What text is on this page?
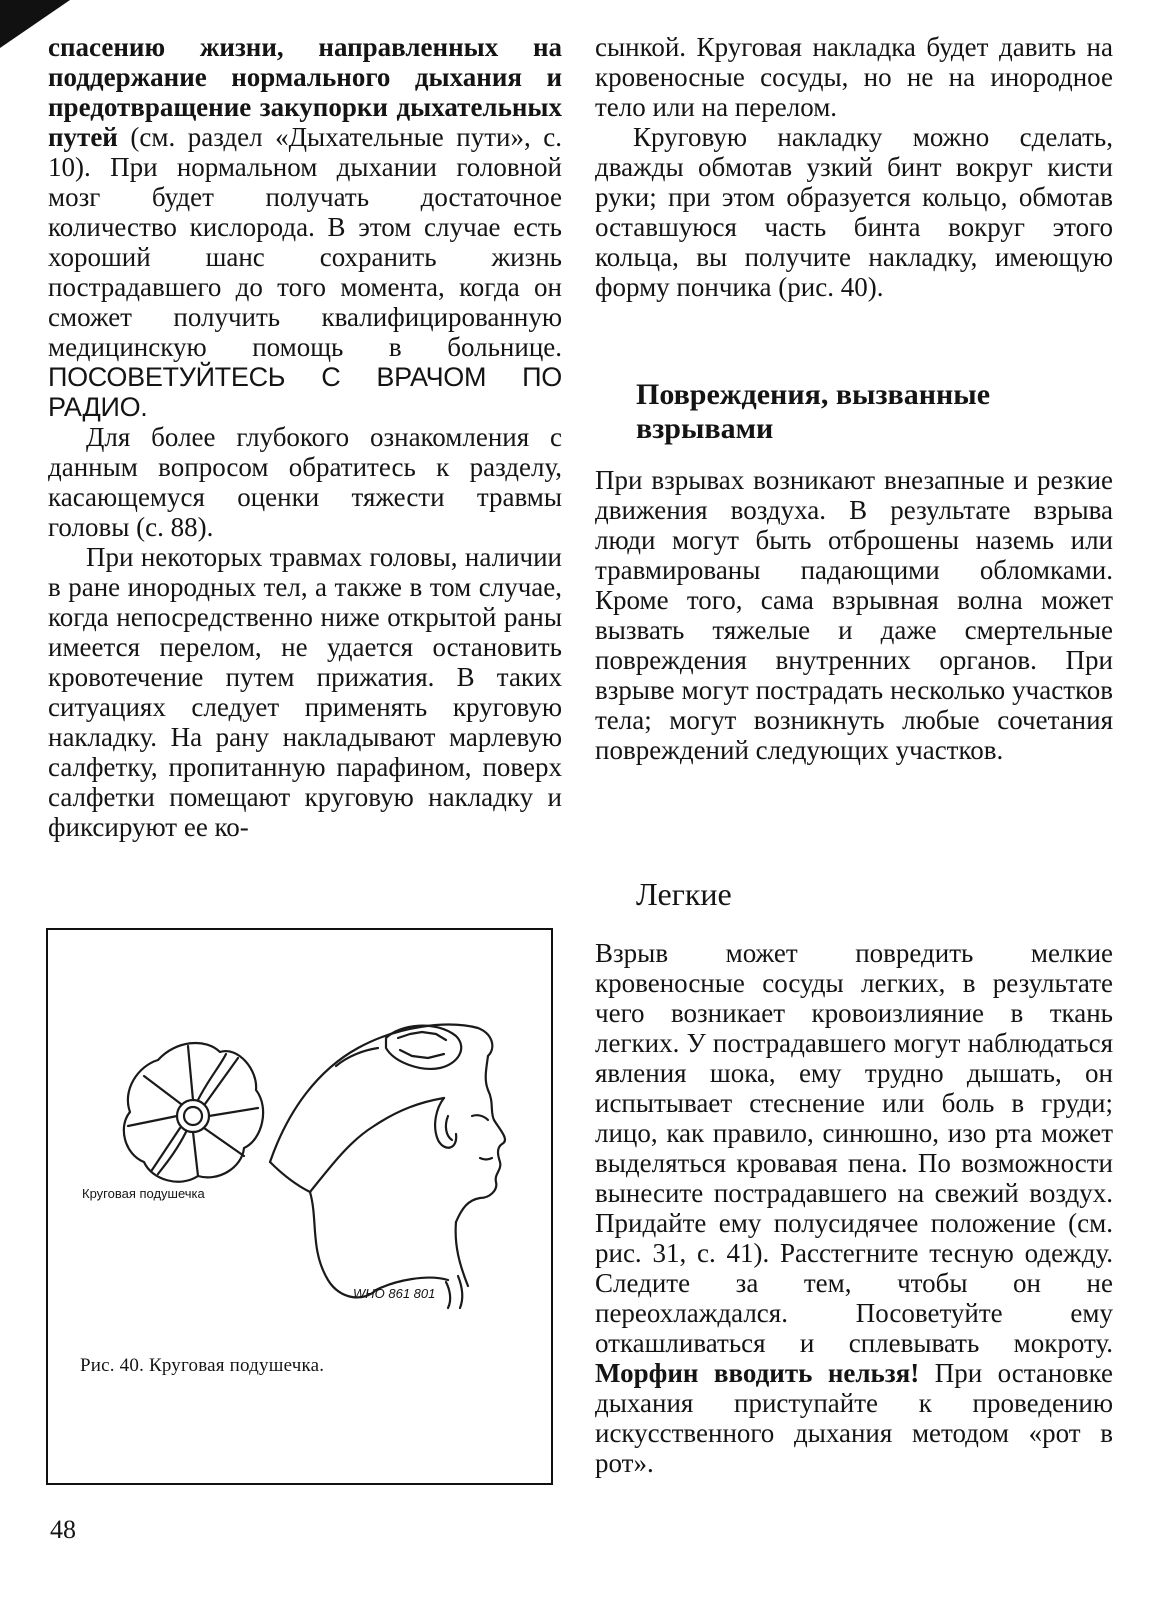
спасению жизни, направленных на поддержание нормального дыхания и предотвращение закупорки дыхательных путей (см. раздел «Дыхательные пути», с. 10). При нормальном дыхании головной мозг будет получать достаточное количество кислорода. В этом случае есть хороший шанс сохранить жизнь пострадавшего до того момента, когда он сможет получить квалифицированную медицинскую помощь в больнице. ПОСОВЕТУЙТЕСЬ С ВРАЧОМ ПО РАДИО.

Для более глубокого ознакомления с данным вопросом обратитесь к разделу, касающемуся оценки тяжести травмы головы (с. 88).

При некоторых травмах головы, наличии в ране инородных тел, а также в том случае, когда непосредственно ниже открытой раны имеется перелом, не удается остановить кровотечение путем прижатия. В таких ситуациях следует применять круговую накладку. На рану накладывают марлевую салфетку, пропитанную парафином, поверх салфетки помещают круговую накладку и фиксируют ее ко-

сынкой. Круговая накладка будет давить на кровеносные сосуды, но не на инородное тело или на перелом.

Круговую накладку можно сделать, дважды обмотав узкий бинт вокруг кисти руки; при этом образуется кольцо, обмотав оставшуюся часть бинта вокруг этого кольца, вы получите накладку, имеющую форму пончика (рис. 40).

Повреждения, вызванные взрывами

При взрывах возникают внезапные и резкие движения воздуха. В результате взрыва люди могут быть отброшены наземь или травмированы падающими обломками. Кроме того, сама взрывная волна может вызвать тяжелые и даже смертельные повреждения внутренних органов. При взрыве могут пострадать несколько участков тела; могут возникнуть любые сочетания повреждений следующих участков.

Легкие

Взрыв может повредить мелкие кровеносные сосуды легких, в результате чего возникает кровоизлияние в ткань легких. У пострадавшего могут наблюдаться явления шока, ему трудно дышать, он испытывает стеснение или боль в груди; лицо, как правило, синюшно, изо рта может выделяться кровавая пена. По возможности вынесите пострадавшего на свежий воздух. Придайте ему полусидячее положение (см. рис. 31, с. 41). Расстегните тесную одежду. Следите за тем, чтобы он не переохлаждался. Посоветуйте ему откашливаться и сплевывать мокроту. Морфин вводить нельзя! При остановке дыхания приступайте к проведению искусственного дыхания методом «рот в рот».

Круговая подушечка
WHO 861 801
Рис. 40. Круговая подушечка.
48
